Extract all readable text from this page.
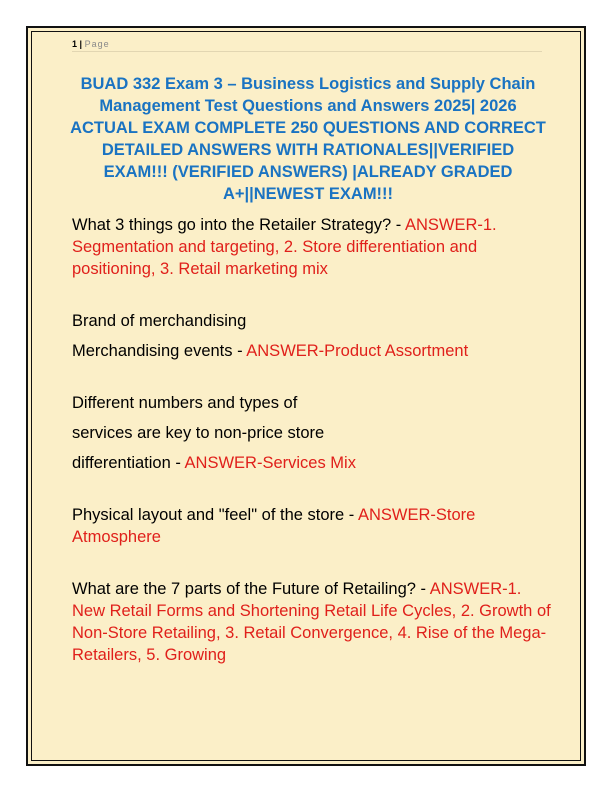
1 | Page
BUAD 332 Exam 3 – Business Logistics and Supply Chain Management Test Questions and Answers 2025| 2026 ACTUAL EXAM COMPLETE 250 QUESTIONS AND CORRECT DETAILED ANSWERS WITH RATIONALES||VERIFIED EXAM!!! (VERIFIED ANSWERS) |ALREADY GRADED A+||NEWEST EXAM!!!

What 3 things go into the Retailer Strategy? - ANSWER-1. Segmentation and targeting, 2. Store differentiation and positioning, 3. Retail marketing mix

Brand of merchandising

Merchandising events - ANSWER-Product Assortment

Different numbers and types of

services are key to non-price store

differentiation - ANSWER-Services Mix

Physical layout and "feel" of the store - ANSWER-Store Atmosphere

What are the 7 parts of the Future of Retailing? - ANSWER-1. New Retail Forms and Shortening Retail Life Cycles, 2. Growth of Non-Store Retailing, 3. Retail Convergence, 4. Rise of the Mega-Retailers, 5. Growing
